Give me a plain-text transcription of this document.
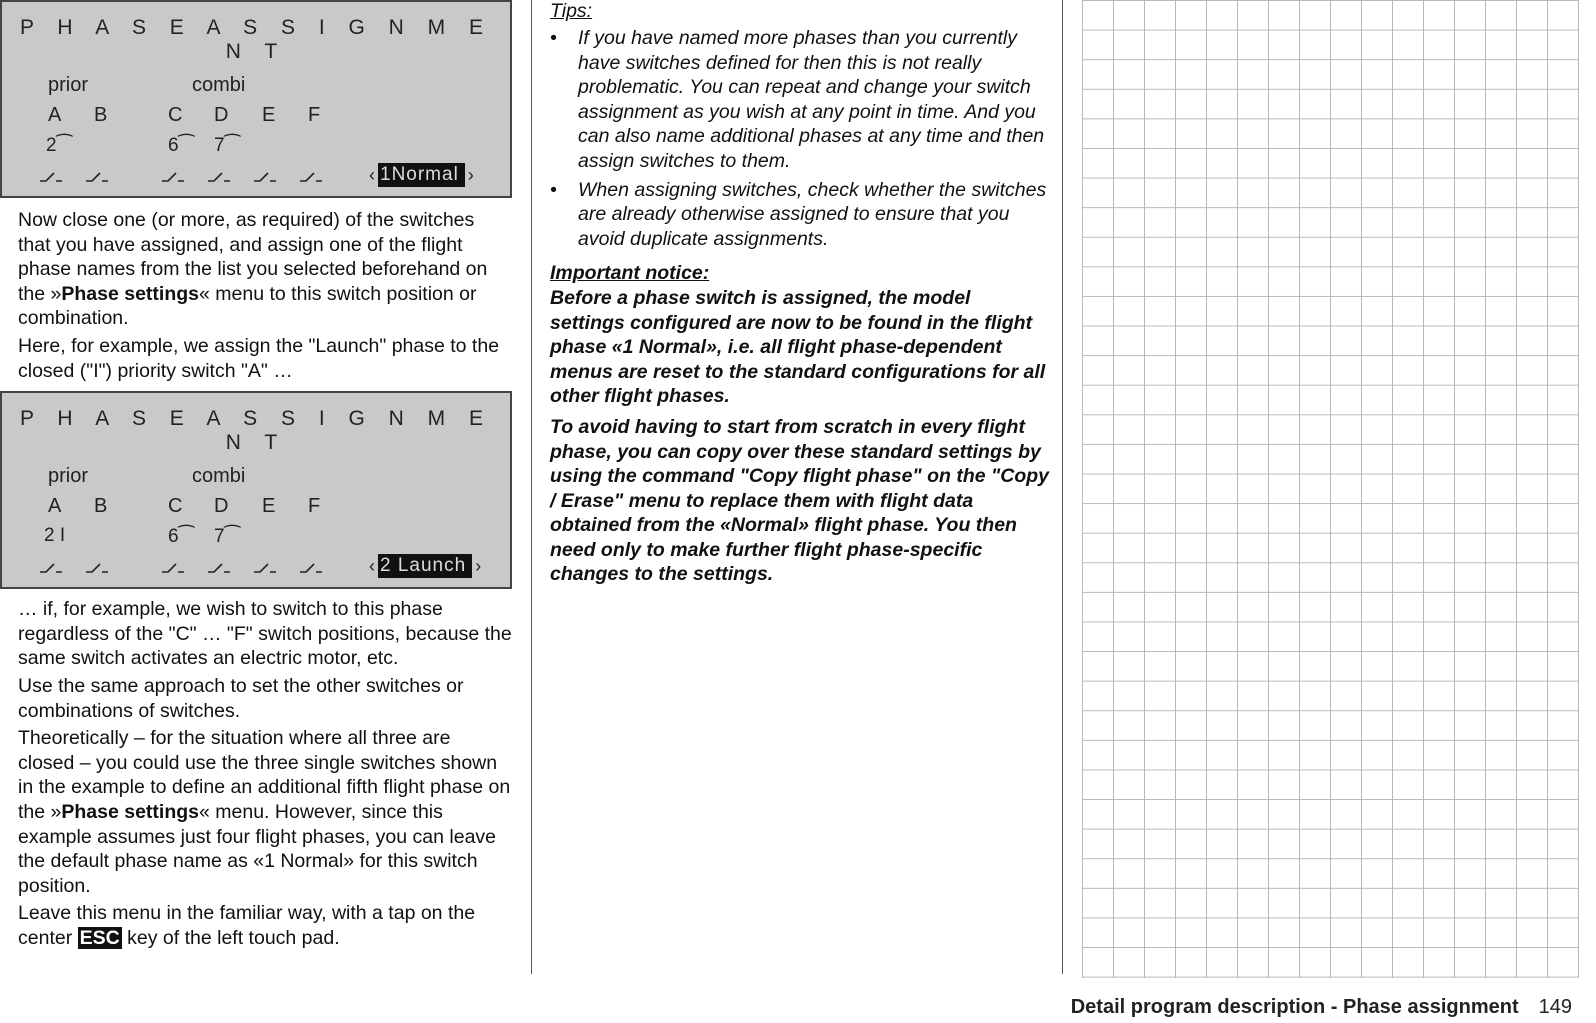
P H A S E A S S I G N M E N T
prior	combi
A B	C D E F
2⁀	6⁀ 7⁀
‹ 1Normal ›

Now close one (or more, as required) of the switches that you have assigned, and assign one of the flight phase names from the list you selected beforehand on the »Phase settings« menu to this switch position or combination.

Here, for example, we assign the "Launch" phase to the closed ("I") priority switch "A" …

P H A S E A S S I G N M E N T
prior	combi
A B	C D E F
2 I	6⁀ 7⁀
‹ 2 Launch ›

… if, for example, we wish to switch to this phase regardless of the "C" … "F" switch positions, because the same switch activates an electric motor, etc.

Use the same approach to set the other switches or combinations of switches.

Theoretically – for the situation where all three are closed – you could use the three single switches shown in the example to define an additional fifth flight phase on the »Phase settings« menu. However, since this example assumes just four flight phases, you can leave the default phase name as «1 Normal» for this switch position.

Leave this menu in the familiar way, with a tap on the center ESC key of the left touch pad.

Tips:

• If you have named more phases than you currently have switches defined for then this is not really problematic. You can repeat and change your switch assignment as you wish at any point in time. And you can also name additional phases at any time and then assign switches to them.
• When assigning switches, check whether the switches are already otherwise assigned to ensure that you avoid duplicate assignments.

Important notice:

Before a phase switch is assigned, the model settings configured are now to be found in the flight phase «1 Normal», i.e. all flight phase-dependent menus are reset to the standard configurations for all other flight phases.

To avoid having to start from scratch in every flight phase, you can copy over these standard settings by using the command "Copy flight phase" on the "Copy / Erase" menu to replace them with flight data obtained from the «Normal» flight phase. You then need only to make further flight phase-specific changes to the settings.

Detail program description - Phase assignment 149
